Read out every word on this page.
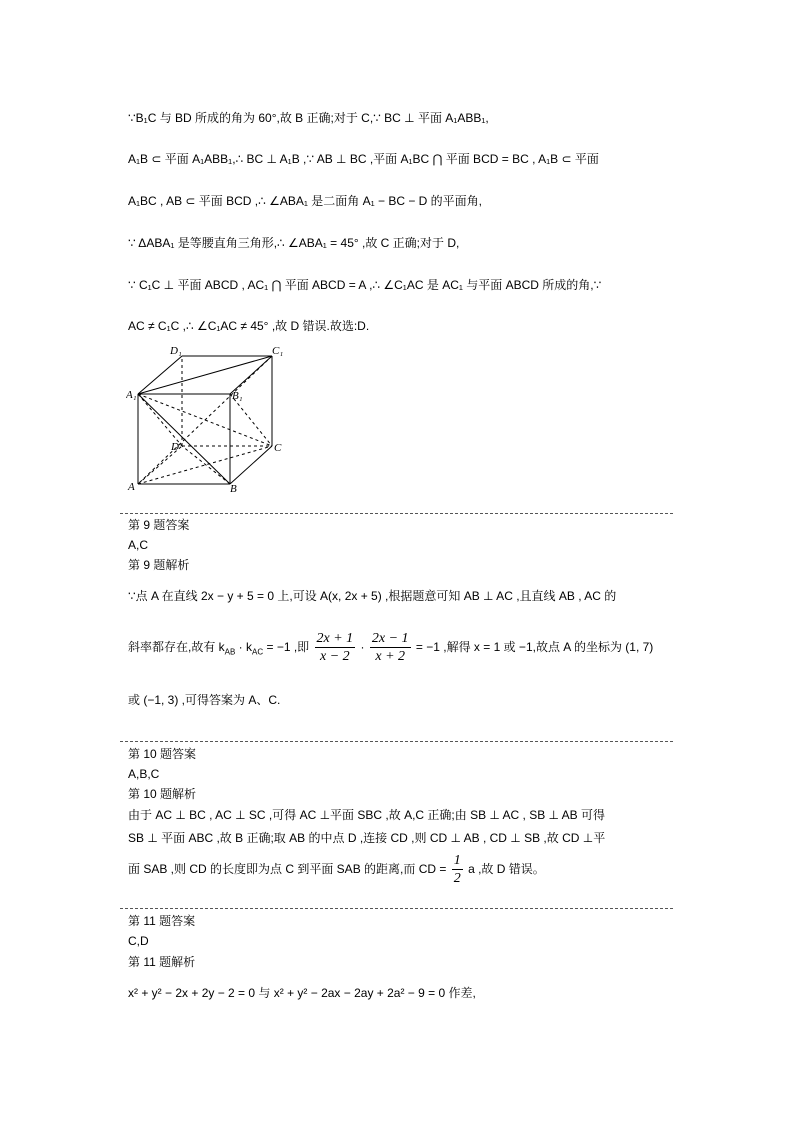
∵B₁C 与 BD 所成的角为 60°,故 B 正确;对于 C,∵ BC ⊥ 平面 A₁ABB₁,
A₁B ⊂ 平面 A₁ABB₁,∴ BC ⊥ A₁B ,∵ AB ⊥ BC ,平面 A₁BC ⋂ 平面 BCD = BC , A₁B ⊂ 平面
A₁BC , AB ⊂ 平面 BCD ,∴ ∠ABA₁ 是二面角 A₁ − BC − D 的平面角,
∵ ΔABA₁ 是等腰直角三角形,∴ ∠ABA₁ = 45° ,故 C 正确;对于 D,
∵ C₁C ⊥ 平面 ABCD , AC₁ ⋂ 平面 ABCD = A ,∴ ∠C₁AC 是 AC₁ 与平面 ABCD 所成的角,∵
AC ≠ C₁C ,∴ ∠C₁AC ≠ 45° ,故 D 错误.故选:D.
D₁	C₁
A₁	B₁
D	C
A	B
第 9 题答案
A,C
第 9 题解析
∵点 A 在直线 2x − y + 5 = 0 上,可设 A(x, 2x + 5) ,根据题意可知 AB ⊥ AC ,且直线 AB , AC 的
斜率都存在,故有 $k_{AB} \cdot k_{AC} = -1$ ,即 $\frac{2x + 1}{x - 2} \cdot \frac{2x - 1}{x + 2} = -1$ ,解得 x = 1 或 −1,故点 A 的坐标为 (1, 7)
或 (−1, 3) ,可得答案为 A、C.
第 10 题答案
A,B,C
第 10 题解析
由于 AC ⊥ BC , AC ⊥ SC ,可得 AC ⊥平面 SBC ,故 A,C 正确;由 SB ⊥ AC , SB ⊥ AB 可得
SB ⊥ 平面 ABC ,故 B 正确;取 AB 的中点 D ,连接 CD ,则 CD ⊥ AB , CD ⊥ SB ,故 CD ⊥平
面 SAB ,则 CD 的长度即为点 C 到平面 SAB 的距离,而 CD = $\frac{1}{2}$ a ,故 D 错误。
第 11 题答案
C,D
第 11 题解析
x² + y² − 2x + 2y − 2 = 0 与 x² + y² − 2ax − 2ay + 2a² − 9 = 0 作差,
